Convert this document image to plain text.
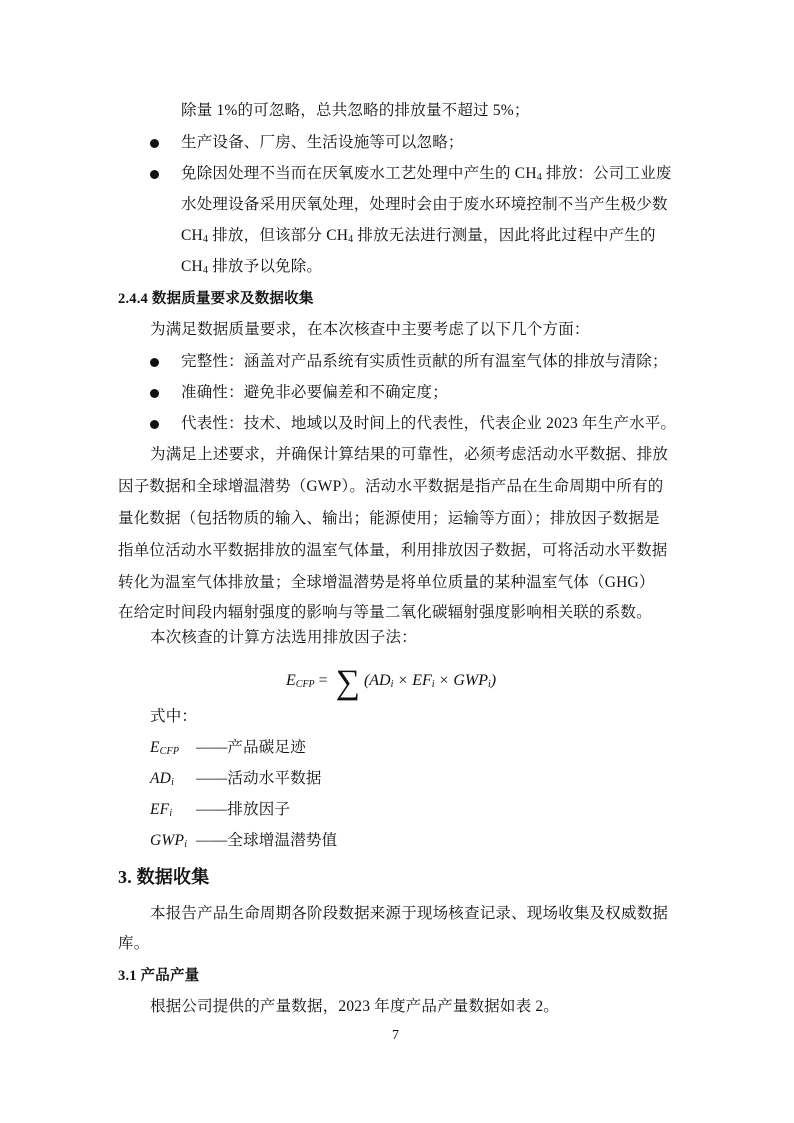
除量 1%的可忽略，总共忽略的排放量不超过 5%；
生产设备、厂房、生活设施等可以忽略；
免除因处理不当而在厌氧废水工艺处理中产生的 $CH_4$ 排放：公司工业废
水处理设备采用厌氧处理，处理时会由于废水环境控制不当产生极少数
$CH_4$ 排放，但该部分 $CH_4$ 排放无法进行测量，因此将此过程中产生的
$CH_4$ 排放予以免除。
2.4.4 数据质量要求及数据收集
为满足数据质量要求，在本次核查中主要考虑了以下几个方面：
完整性：涵盖对产品系统有实质性贡献的所有温室气体的排放与清除；
准确性：避免非必要偏差和不确定度；
代表性：技术、地域以及时间上的代表性，代表企业 2023 年生产水平。
为满足上述要求，并确保计算结果的可靠性，必须考虑活动水平数据、排放
因子数据和全球增温潜势（GWP）。活动水平数据是指产品在生命周期中所有的
量化数据（包括物质的输入、输出；能源使用；运输等方面）；排放因子数据是
指单位活动水平数据排放的温室气体量，利用排放因子数据，可将活动水平数据
转化为温室气体排放量；全球增温潜势是将单位质量的某种温室气体（GHG）
在给定时间段内辐射强度的影响与等量二氧化碳辐射强度影响相关联的系数。
本次核查的计算方法选用排放因子法：
$E_{CFP}$ = ∑ $(AD_i \times EF_i \times GWP_i)$
式中：
$E_{CFP}$ ——产品碳足迹
$AD_i$ ——活动水平数据
$EF_i$ ——排放因子
$GWP_i$ ——全球增温潜势值
3. 数据收集
本报告产品生命周期各阶段数据来源于现场核查记录、现场收集及权威数据
库。
3.1 产品产量
根据公司提供的产量数据，2023 年度产品产量数据如表 2。
7
